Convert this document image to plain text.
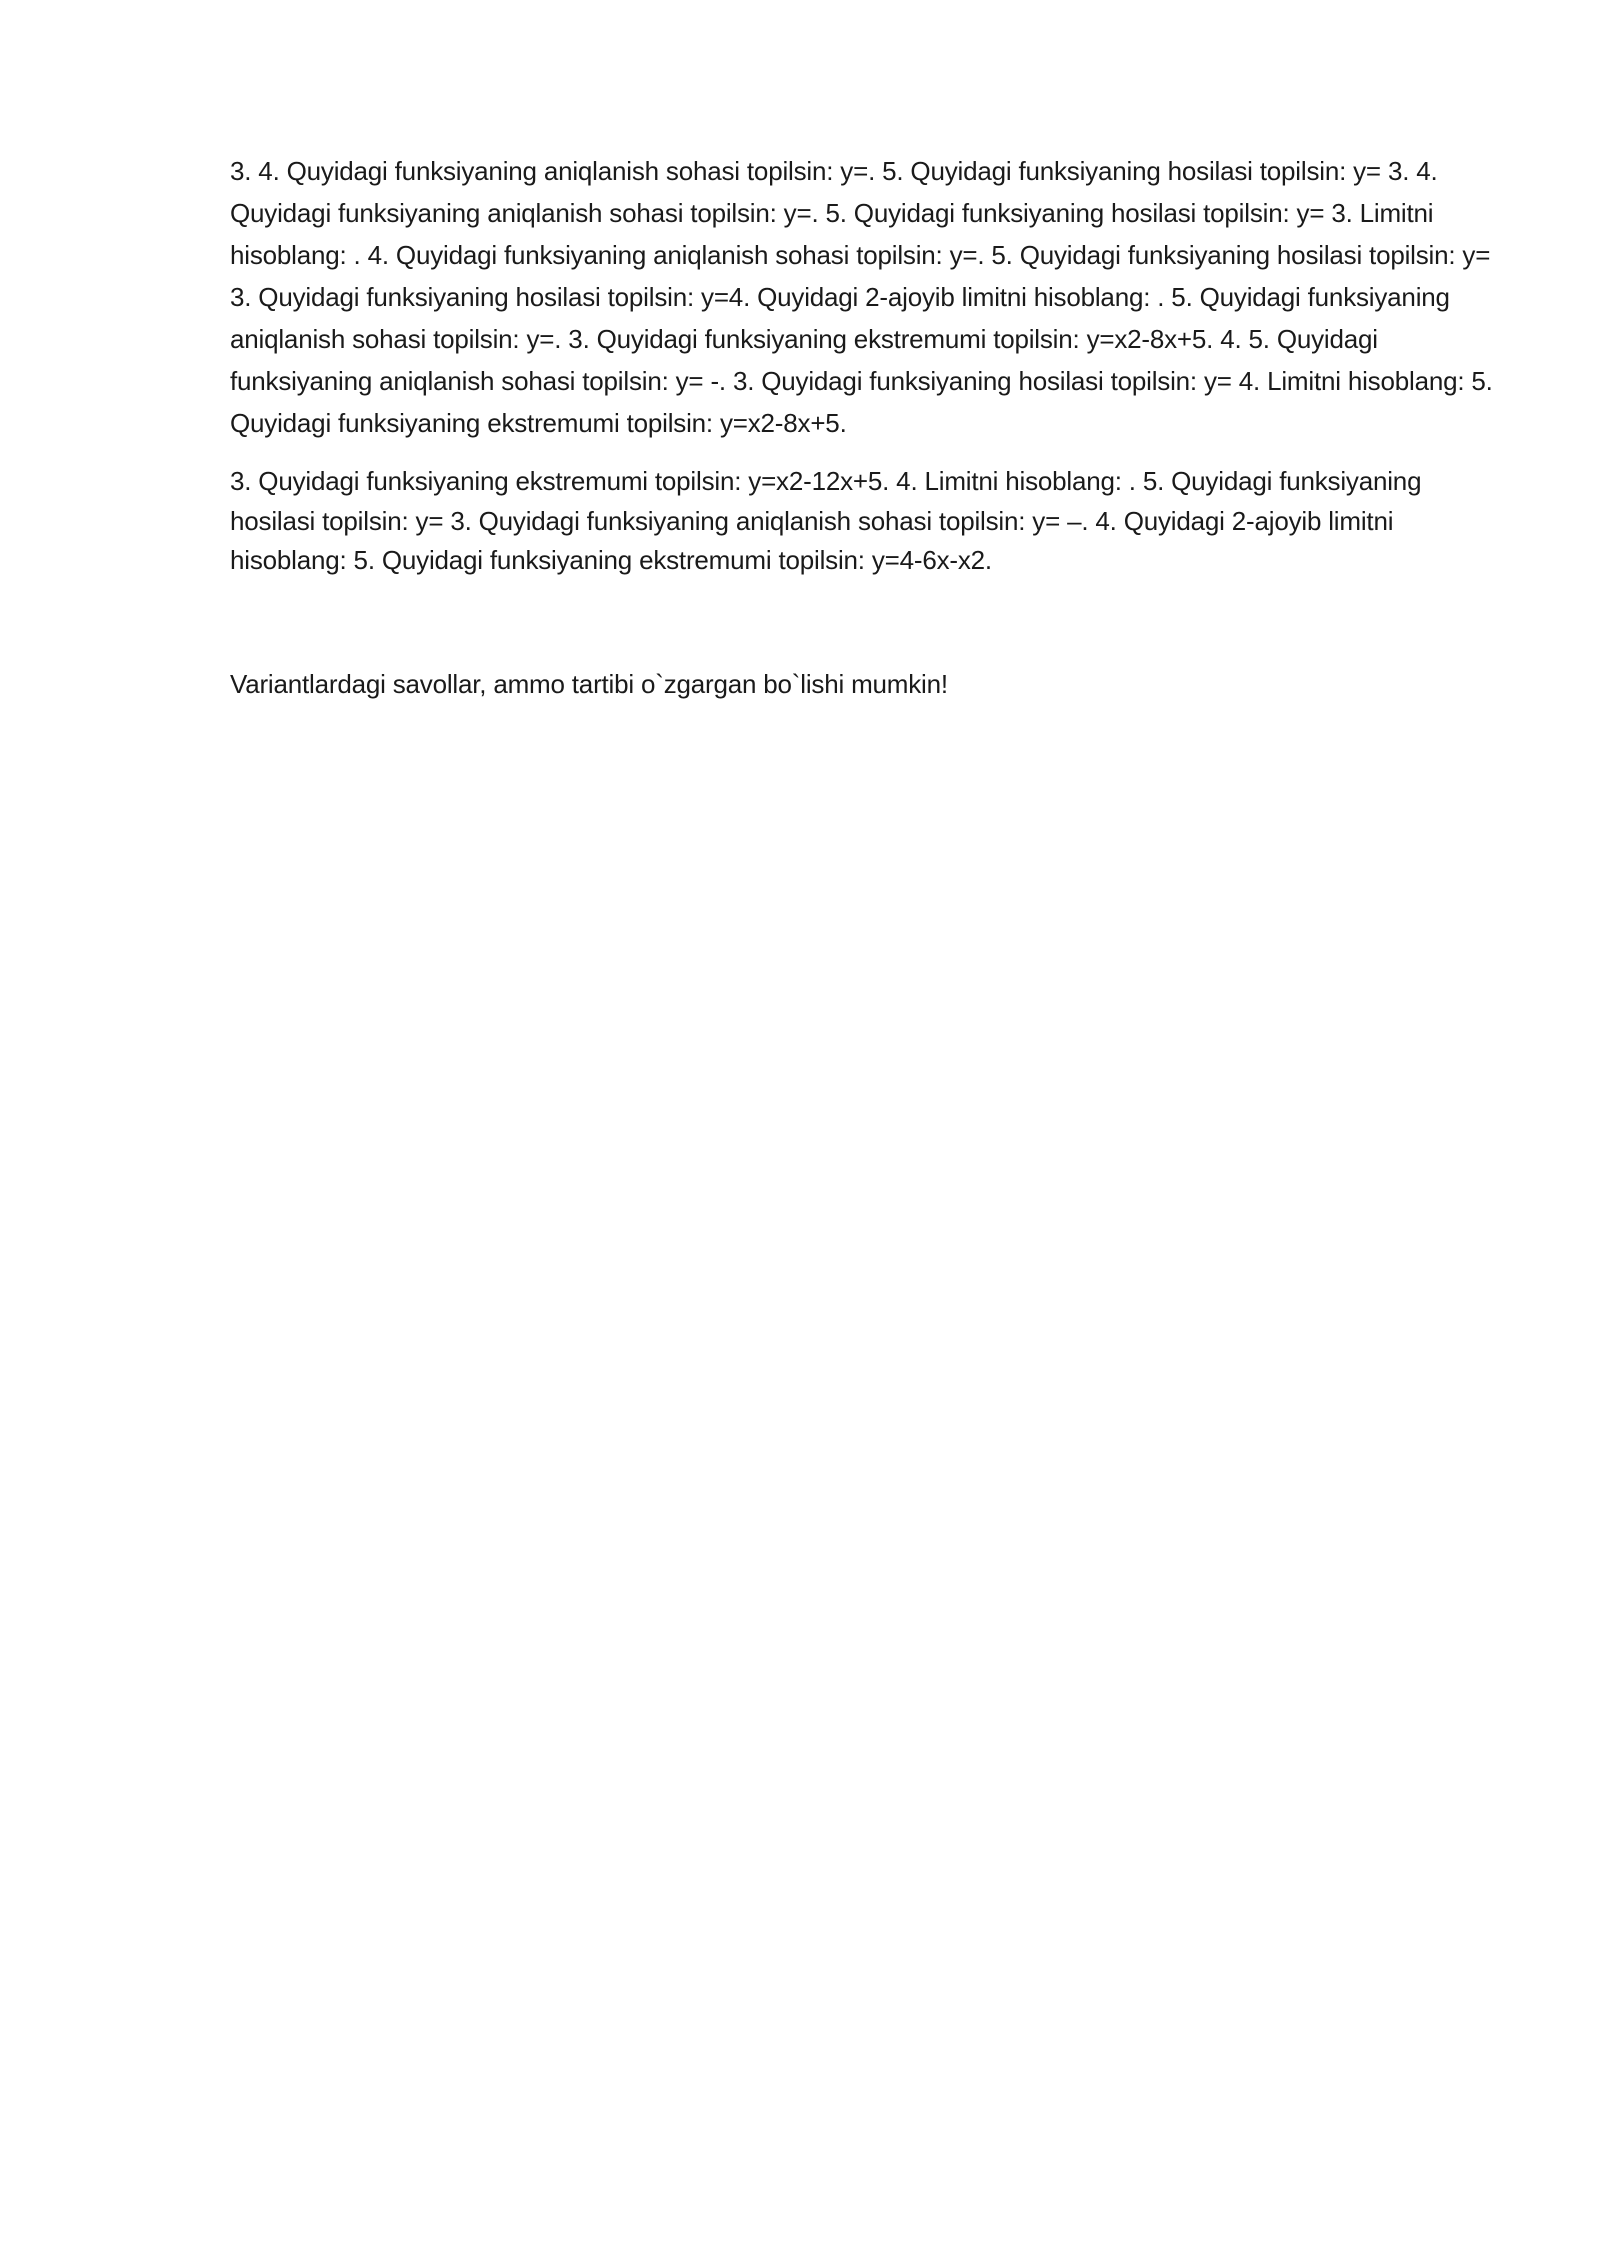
3. 4. Quyidagi funksiyaning aniqlanish sohasi topilsin: y=. 5. Quyidagi funksiyaning hosilasi topilsin: y= 3. 4. Quyidagi funksiyaning aniqlanish sohasi topilsin: y=. 5. Quyidagi funksiyaning hosilasi topilsin: y= 3. Limitni hisoblang: . 4. Quyidagi funksiyaning aniqlanish sohasi topilsin: y=. 5. Quyidagi funksiyaning hosilasi topilsin: y= 3. Quyidagi funksiyaning hosilasi topilsin: y=4. Quyidagi 2-ajoyib limitni hisoblang: . 5. Quyidagi funksiyaning aniqlanish sohasi topilsin: y=. 3. Quyidagi funksiyaning ekstremumi topilsin: y=x2-8x+5. 4. 5. Quyidagi funksiyaning aniqlanish sohasi topilsin: y= -. 3. Quyidagi funksiyaning hosilasi topilsin: y= 4. Limitni hisoblang: 5. Quyidagi funksiyaning ekstremumi topilsin: y=x2-8x+5.

3. Quyidagi funksiyaning ekstremumi topilsin: y=x2-12x+5. 4. Limitni hisoblang: . 5. Quyidagi funksiyaning hosilasi topilsin: y= 3. Quyidagi funksiyaning aniqlanish sohasi topilsin: y= –. 4. Quyidagi 2-ajoyib limitni hisoblang: 5. Quyidagi funksiyaning ekstremumi topilsin: y=4-6x-x2.

Variantlardagi savollar, ammo tartibi o`zgargan bo`lishi mumkin!
